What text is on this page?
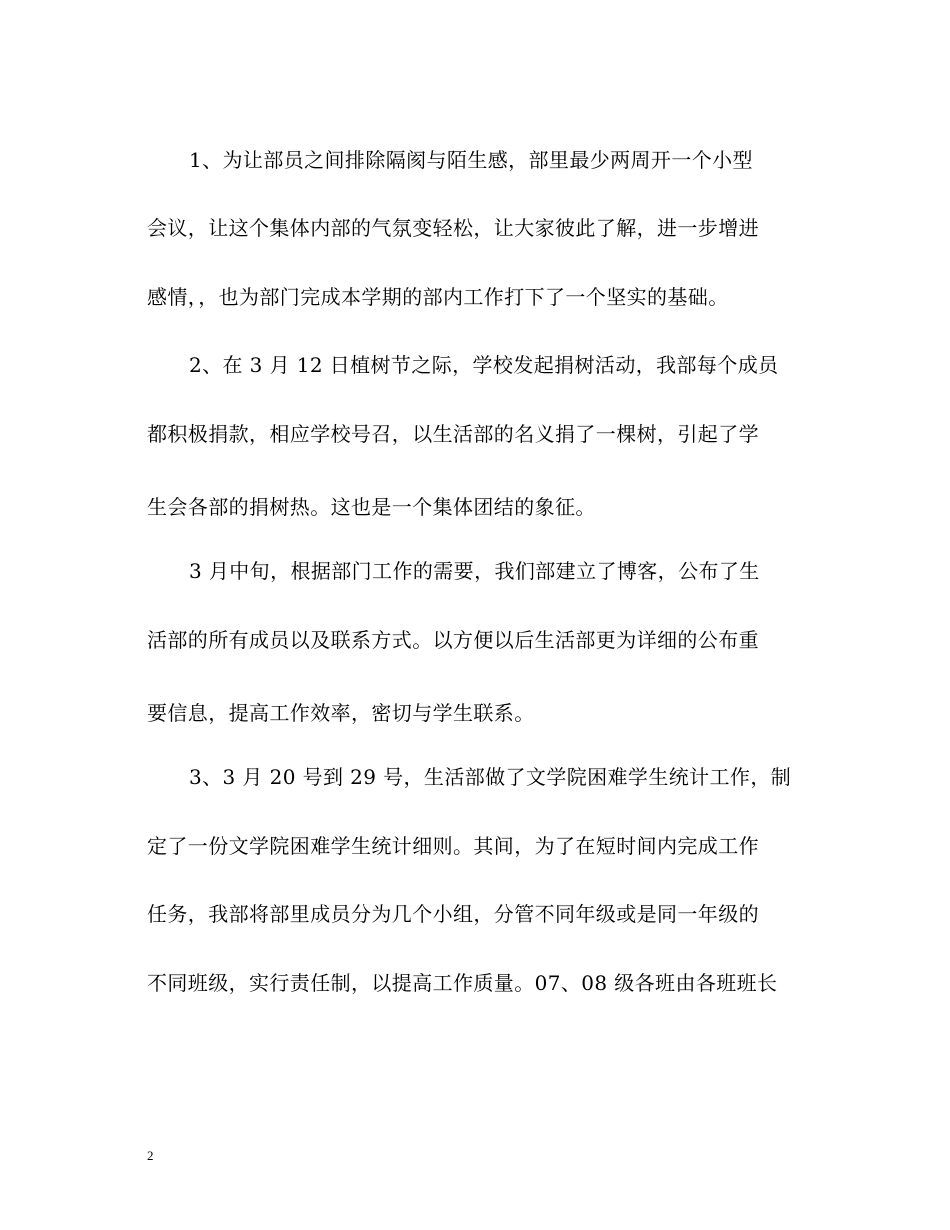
1、为让部员之间排除隔阂与陌生感，部里最少两周开一个小型
会议，让这个集体内部的气氛变轻松，让大家彼此了解，进一步增进
感情，，也为部门完成本学期的部内工作打下了一个坚实的基础。
2、在 3 月 12 日植树节之际，学校发起捐树活动，我部每个成员
都积极捐款，相应学校号召，以生活部的名义捐了一棵树，引起了学
生会各部的捐树热。这也是一个集体团结的象征。
3 月中旬，根据部门工作的需要，我们部建立了博客，公布了生
活部的所有成员以及联系方式。以方便以后生活部更为详细的公布重
要信息，提高工作效率，密切与学生联系。
3、3 月 20 号到 29 号，生活部做了文学院困难学生统计工作，制
定了一份文学院困难学生统计细则。其间，为了在短时间内完成工作
任务，我部将部里成员分为几个小组，分管不同年级或是同一年级的
不同班级，实行责任制，以提高工作质量。07、08 级各班由各班班长
2
